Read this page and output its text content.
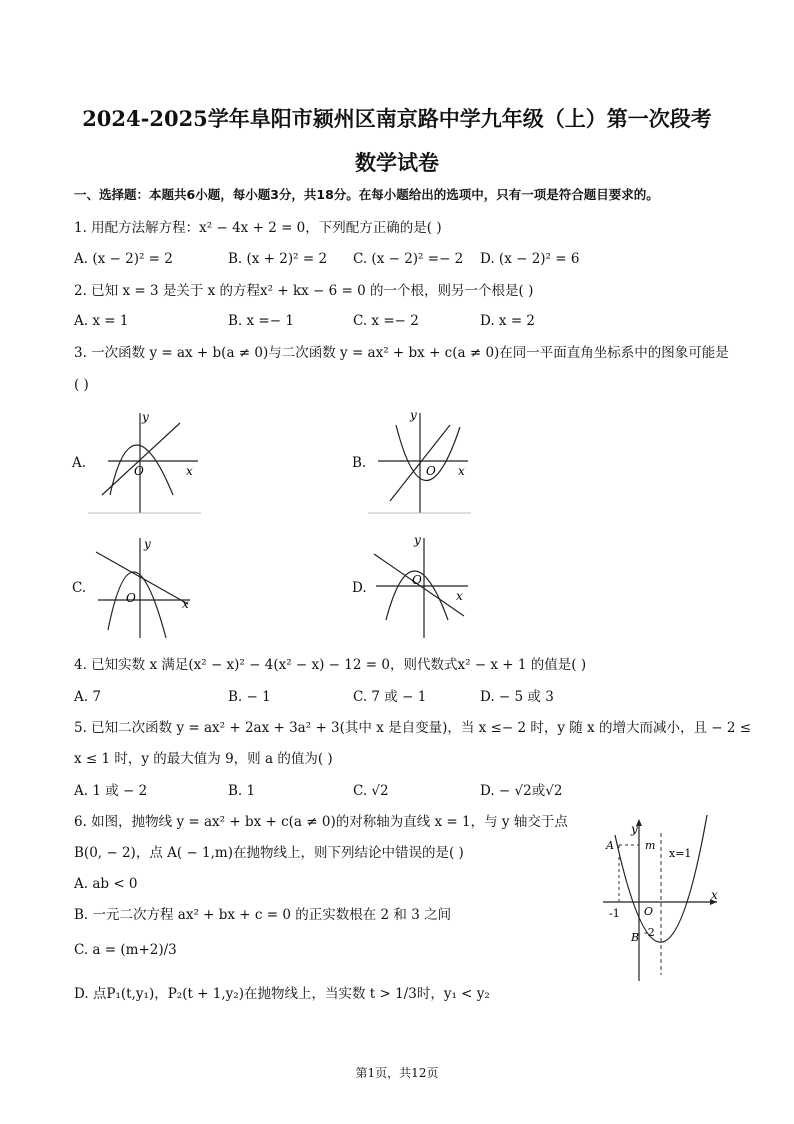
2024-2025学年阜阳市颍州区南京路中学九年级（上）第一次段考
数学试卷
一、选择题：本题共6小题，每小题3分，共18分。在每小题给出的选项中，只有一项是符合题目要求的。
1. 用配方法解方程：x² − 4x + 2 = 0，下列配方正确的是( )
A. (x − 2)² = 2	B. (x + 2)² = 2 C. (x − 2)² =− 2 D. (x − 2)² = 6
2. 已知 x = 3 是关于 x 的方程x² + kx − 6 = 0 的一个根，则另一个根是( )
A. x = 1	B. x =− 1	C. x =− 2	D. x = 2
3. 一次函数 y = ax + b(a ≠ 0)与二次函数 y = ax² + bx + c(a ≠ 0)在同一平面直角坐标系中的图象可能是
( )
A.
y
x
O	B.
y
x
O
C.
y
x
O
D.
y
x
O
4. 已知实数 x 满足(x² − x)² − 4(x² − x) − 12 = 0，则代数式x² − x + 1 的值是( )
A. 7	B. − 1	C. 7 或 − 1	D. − 5 或 3
5. 已知二次函数 y = ax² + 2ax + 3a² + 3(其中 x 是自变量)，当 x ≤− 2 时，y 随 x 的增大而减小，且 − 2 ≤
x ≤ 1 时，y 的最大值为 9，则 a 的值为( )
A. 1 或 − 2	B. 1	C. √2	D. − √2或√2
6. 如图，抛物线 y = ax² + bx + c(a ≠ 0)的对称轴为直线 x = 1，与 y 轴交于点
B(0, − 2)，点 A( − 1,m)在抛物线上，则下列结论中错误的是( )
A. ab < 0
B. 一元二次方程 ax² + bx + c = 0 的正实数根在 2 和 3 之间
C. a = (m+2)/3
D. 点P₁(t,y₁)，P₂(t + 1,y₂)在抛物线上，当实数 t > 1/3时，y₁ < y₂
y
x
A	m
x=1
-1 O
B -2
第1页，共12页
